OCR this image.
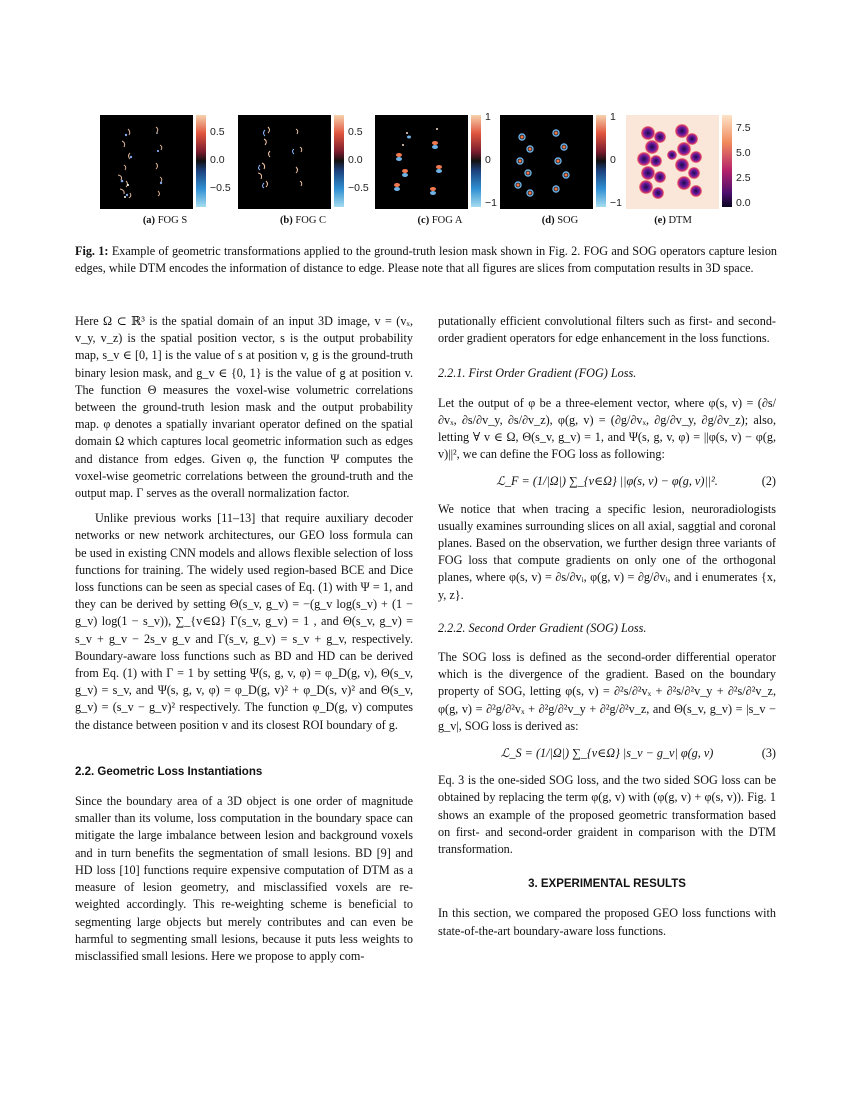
0.5
0.0
−0.5
(a) FOG S
0.5
0.0
−0.5
(b) FOG C
1
0
−1
(c) FOG A
1
0
−1
(d) SOG
7.5
5.0
2.5
0.0
(e) DTM
Fig. 1: Example of geometric transformations applied to the ground-truth lesion mask shown in Fig. 2. FOG and SOG operators capture lesion edges, while DTM encodes the information of distance to edge. Please note that all figures are slices from computation results in 3D space.

Here Ω ⊂ ℝ³ is the spatial domain of an input 3D image, v = (vₓ, v_y, v_z) is the spatial position vector, s is the output probability map, s_v ∈ [0, 1] is the value of s at position v, g is the ground-truth binary lesion mask, and g_v ∈ {0, 1} is the value of g at position v. The function Θ measures the voxel-wise volumetric correlations between the ground-truth lesion mask and the output probability map. φ denotes a spatially invariant operator defined on the spatial domain Ω which captures local geometric information such as edges and distance from edges. Given φ, the function Ψ computes the voxel-wise geometric correlations between the ground-truth and the output map. Γ serves as the overall normalization factor.

Unlike previous works [11–13] that require auxiliary decoder networks or new network architectures, our GEO loss formula can be used in existing CNN models and allows flexible selection of loss functions for training. The widely used region-based BCE and Dice loss functions can be seen as special cases of Eq. (1) with Ψ = 1, and they can be derived by setting Θ(s_v, g_v) = −(g_v log(s_v) + (1 − g_v) log(1 − s_v)), ∑_{v∈Ω} Γ(s_v, g_v) = 1 , and Θ(s_v, g_v) = s_v + g_v − 2s_v g_v and Γ(s_v, g_v) = s_v + g_v, respectively. Boundary-aware loss functions such as BD and HD can be derived from Eq. (1) with Γ = 1 by setting Ψ(s, g, v, φ) = φ_D(g, v), Θ(s_v, g_v) = s_v, and Ψ(s, g, v, φ) = φ_D(g, v)² + φ_D(s, v)² and Θ(s_v, g_v) = (s_v − g_v)² respectively. The function φ_D(g, v) computes the distance between position v and its closest ROI boundary of g.

2.2. Geometric Loss Instantiations

Since the boundary area of a 3D object is one order of magnitude smaller than its volume, loss computation in the boundary space can mitigate the large imbalance between lesion and background voxels and in turn benefits the segmentation of small lesions. BD [9] and HD loss [10] functions require expensive computation of DTM as a measure of lesion geometry, and misclassified voxels are re-weighted accordingly. This re-weighting scheme is beneficial to segmenting large objects but merely contributes and can even be harmful to segmenting small lesions, because it puts less weights to misclassified small lesions. Here we propose to apply com-

putationally efficient convolutional filters such as first- and second-order gradient operators for edge enhancement in the loss functions.

2.2.1. First Order Gradient (FOG) Loss.

Let the output of φ be a three-element vector, where φ(s, v) = (∂s/∂vₓ, ∂s/∂v_y, ∂s/∂v_z), φ(g, v) = (∂g/∂vₓ, ∂g/∂v_y, ∂g/∂v_z); also, letting ∀ v ∈ Ω, Θ(s_v, g_v) = 1, and Ψ(s, g, v, φ) = ||φ(s, v) − φ(g, v)||², we can define the FOG loss as following:

ℒ_F = (1/|Ω|) ∑_{v∈Ω} ||φ(s, v) − φ(g, v)||².	(2)

We notice that when tracing a specific lesion, neuroradiologists usually examines surrounding slices on all axial, saggtial and coronal planes. Based on the observation, we further design three variants of FOG loss that compute gradients on only one of the orthogonal planes, where φ(s, v) = ∂s/∂vᵢ, φ(g, v) = ∂g/∂vᵢ, and i enumerates {x, y, z}.

2.2.2. Second Order Gradient (SOG) Loss.

The SOG loss is defined as the second-order differential operator which is the divergence of the gradient. Based on the boundary property of SOG, letting φ(s, v) = ∂²s/∂²vₓ + ∂²s/∂²v_y + ∂²s/∂²v_z, φ(g, v) = ∂²g/∂²vₓ + ∂²g/∂²v_y + ∂²g/∂²v_z, and Θ(s_v, g_v) = |s_v − g_v|, SOG loss is derived as:

ℒ_S = (1/|Ω|) ∑_{v∈Ω} |s_v − g_v| φ(g, v)	(3)

Eq. 3 is the one-sided SOG loss, and the two sided SOG loss can be obtained by replacing the term φ(g, v) with (φ(g, v) + φ(s, v)). Fig. 1 shows an example of the proposed geometric transformation based on first- and second-order graident in comparison with the DTM transformation.

3. EXPERIMENTAL RESULTS

In this section, we compared the proposed GEO loss functions with state-of-the-art boundary-aware loss functions.
